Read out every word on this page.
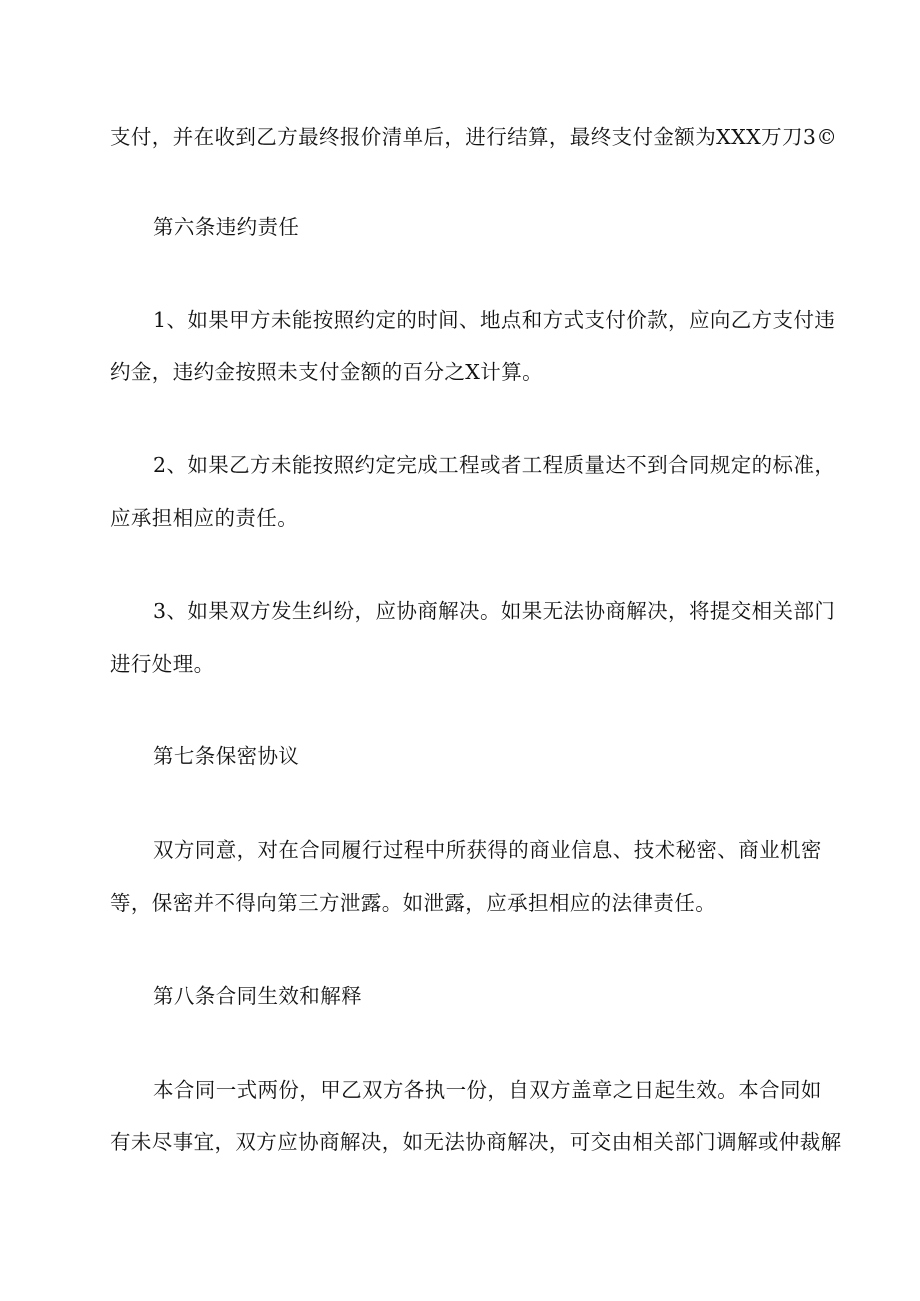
支付，并在收到乙方最终报价清单后，进行结算，最终支付金额为XXX万刀3©
第六条违约责任
1、如果甲方未能按照约定的时间、地点和方式支付价款，应向乙方支付违
约金，违约金按照未支付金额的百分之X计算。
2、如果乙方未能按照约定完成工程或者工程质量达不到合同规定的标准，
应承担相应的责任。
3、如果双方发生纠纷，应协商解决。如果无法协商解决，将提交相关部门
进行处理。
第七条保密协议
双方同意，对在合同履行过程中所获得的商业信息、技术秘密、商业机密
等，保密并不得向第三方泄露。如泄露，应承担相应的法律责任。
第八条合同生效和解释
本合同一式两份，甲乙双方各执一份，自双方盖章之日起生效。本合同如
有未尽事宜，双方应协商解决，如无法协商解决，可交由相关部门调解或仲裁解
